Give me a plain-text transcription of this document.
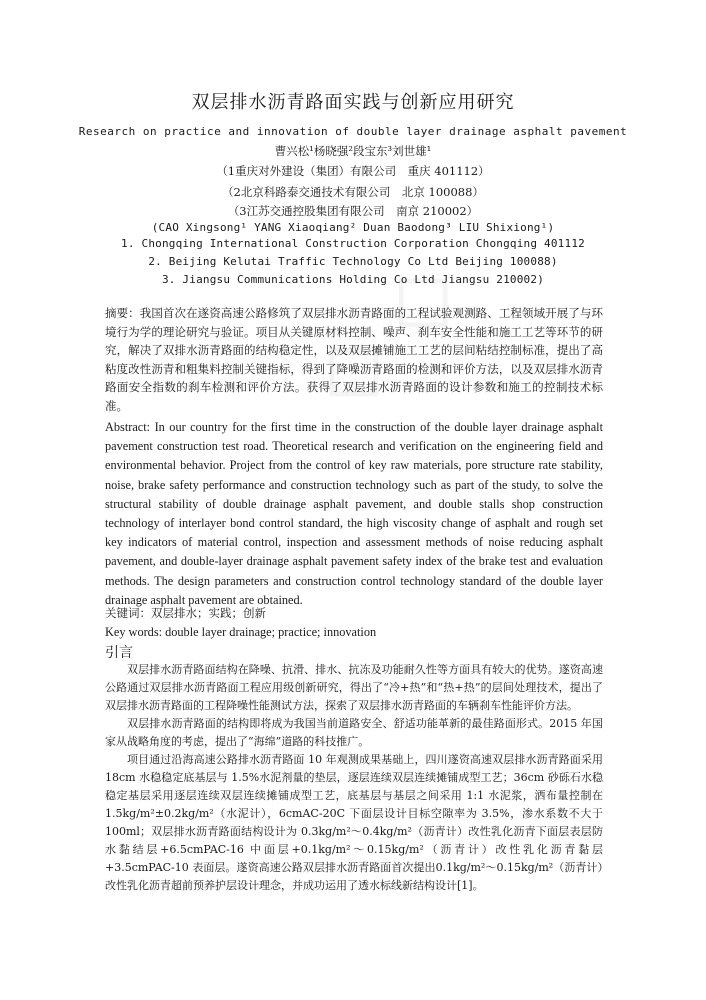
双层排水沥青路面实践与创新应用研究
Research on practice and innovation of double layer drainage asphalt pavement
曹兴松¹杨晓强²段宝东³刘世雄¹
（1重庆对外建设（集团）有限公司　重庆 401112）
（2北京科路泰交通技术有限公司　北京 100088）
（3江苏交通控股集团有限公司　南京 210002）
(CAO Xingsong¹ YANG Xiaoqiang² Duan Baodong³ LIU Shixiong¹)
1. Chongqing International Construction Corporation Chongqing 401112
2. Beijing Kelutai Traffic Technology Co Ltd Beijing 100088)
3. Jiangsu Communications Holding Co Ltd Jiangsu 210002)
摘要：我国首次在遂资高速公路修筑了双层排水沥青路面的工程试验观测路、工程领域开展了与环境行为学的理论研究与验证。项目从关键原材料控制、噪声、刹车安全性能和施工工艺等环节的研究，解决了双排水沥青路面的结构稳定性，以及双层摊铺施工工艺的层间粘结控制标准，提出了高粘度改性沥青和粗集料控制关键指标，得到了降噪沥青路面的检测和评价方法，以及双层排水沥青路面安全指数的刹车检测和评价方法。获得了双层排水沥青路面的设计参数和施工的控制技术标准。
Abstract: In our country for the first time in the construction of the double layer drainage asphalt pavement construction test road. Theoretical research and verification on the engineering field and environmental behavior. Project from the control of key raw materials, pore structure rate stability, noise, brake safety performance and construction technology such as part of the study, to solve the structural stability of double drainage asphalt pavement, and double stalls shop construction technology of interlayer bond control standard, the high viscosity change of asphalt and rough set key indicators of material control, inspection and assessment methods of noise reducing asphalt pavement, and double-layer drainage asphalt pavement safety index of the brake test and evaluation methods. The design parameters and construction control technology standard of the double layer drainage asphalt pavement are obtained.
关键词：双层排水；实践；创新
Key words: double layer drainage; practice; innovation
引言

双层排水沥青路面结构在降噪、抗滑、排水、抗冻及功能耐久性等方面具有较大的优势。遂资高速公路通过双层排水沥青路面工程应用级创新研究，得出了“冷+热”和“热+热”的层间处理技术，提出了双层排水沥青路面的工程降噪性能测试方法，探索了双层排水沥青路面的车辆刹车性能评价方法。

双层排水沥青路面的结构即将成为我国当前道路安全、舒适功能革新的最佳路面形式。2015 年国家从战略角度的考虑，提出了“海绵”道路的科技推广。

项目通过沿海高速公路排水沥青路面 10 年观测成果基础上，四川遂资高速双层排水沥青路面采用 18cm 水稳稳定底基层与 1.5%水泥剂量的垫层，逐层连续双层连续摊铺成型工艺；36cm 砂砾石水稳稳定基层采用逐层连续双层连续摊铺成型工艺，底基层与基层之间采用 1:1 水泥浆，洒布量控制在 1.5kg/m²±0.2kg/m²（水泥计），6cmAC-20C 下面层设计目标空隙率为 3.5%，渗水系数不大于 100ml；双层排水沥青路面结构设计为 0.3kg/m²～0.4kg/m²（沥青计）改性乳化沥青下面层表层防水黏结层+6.5cmPAC-16 中面层+0.1kg/m²～0.15kg/m²（沥青计）改性乳化沥青黏层+3.5cmPAC-10 表面层。遂资高速公路双层排水沥青路面首次提出0.1kg/m²～0.15kg/m²（沥青计）改性乳化沥青超前预养护层设计理念，并成功运用了透水标线新结构设计[1]。
